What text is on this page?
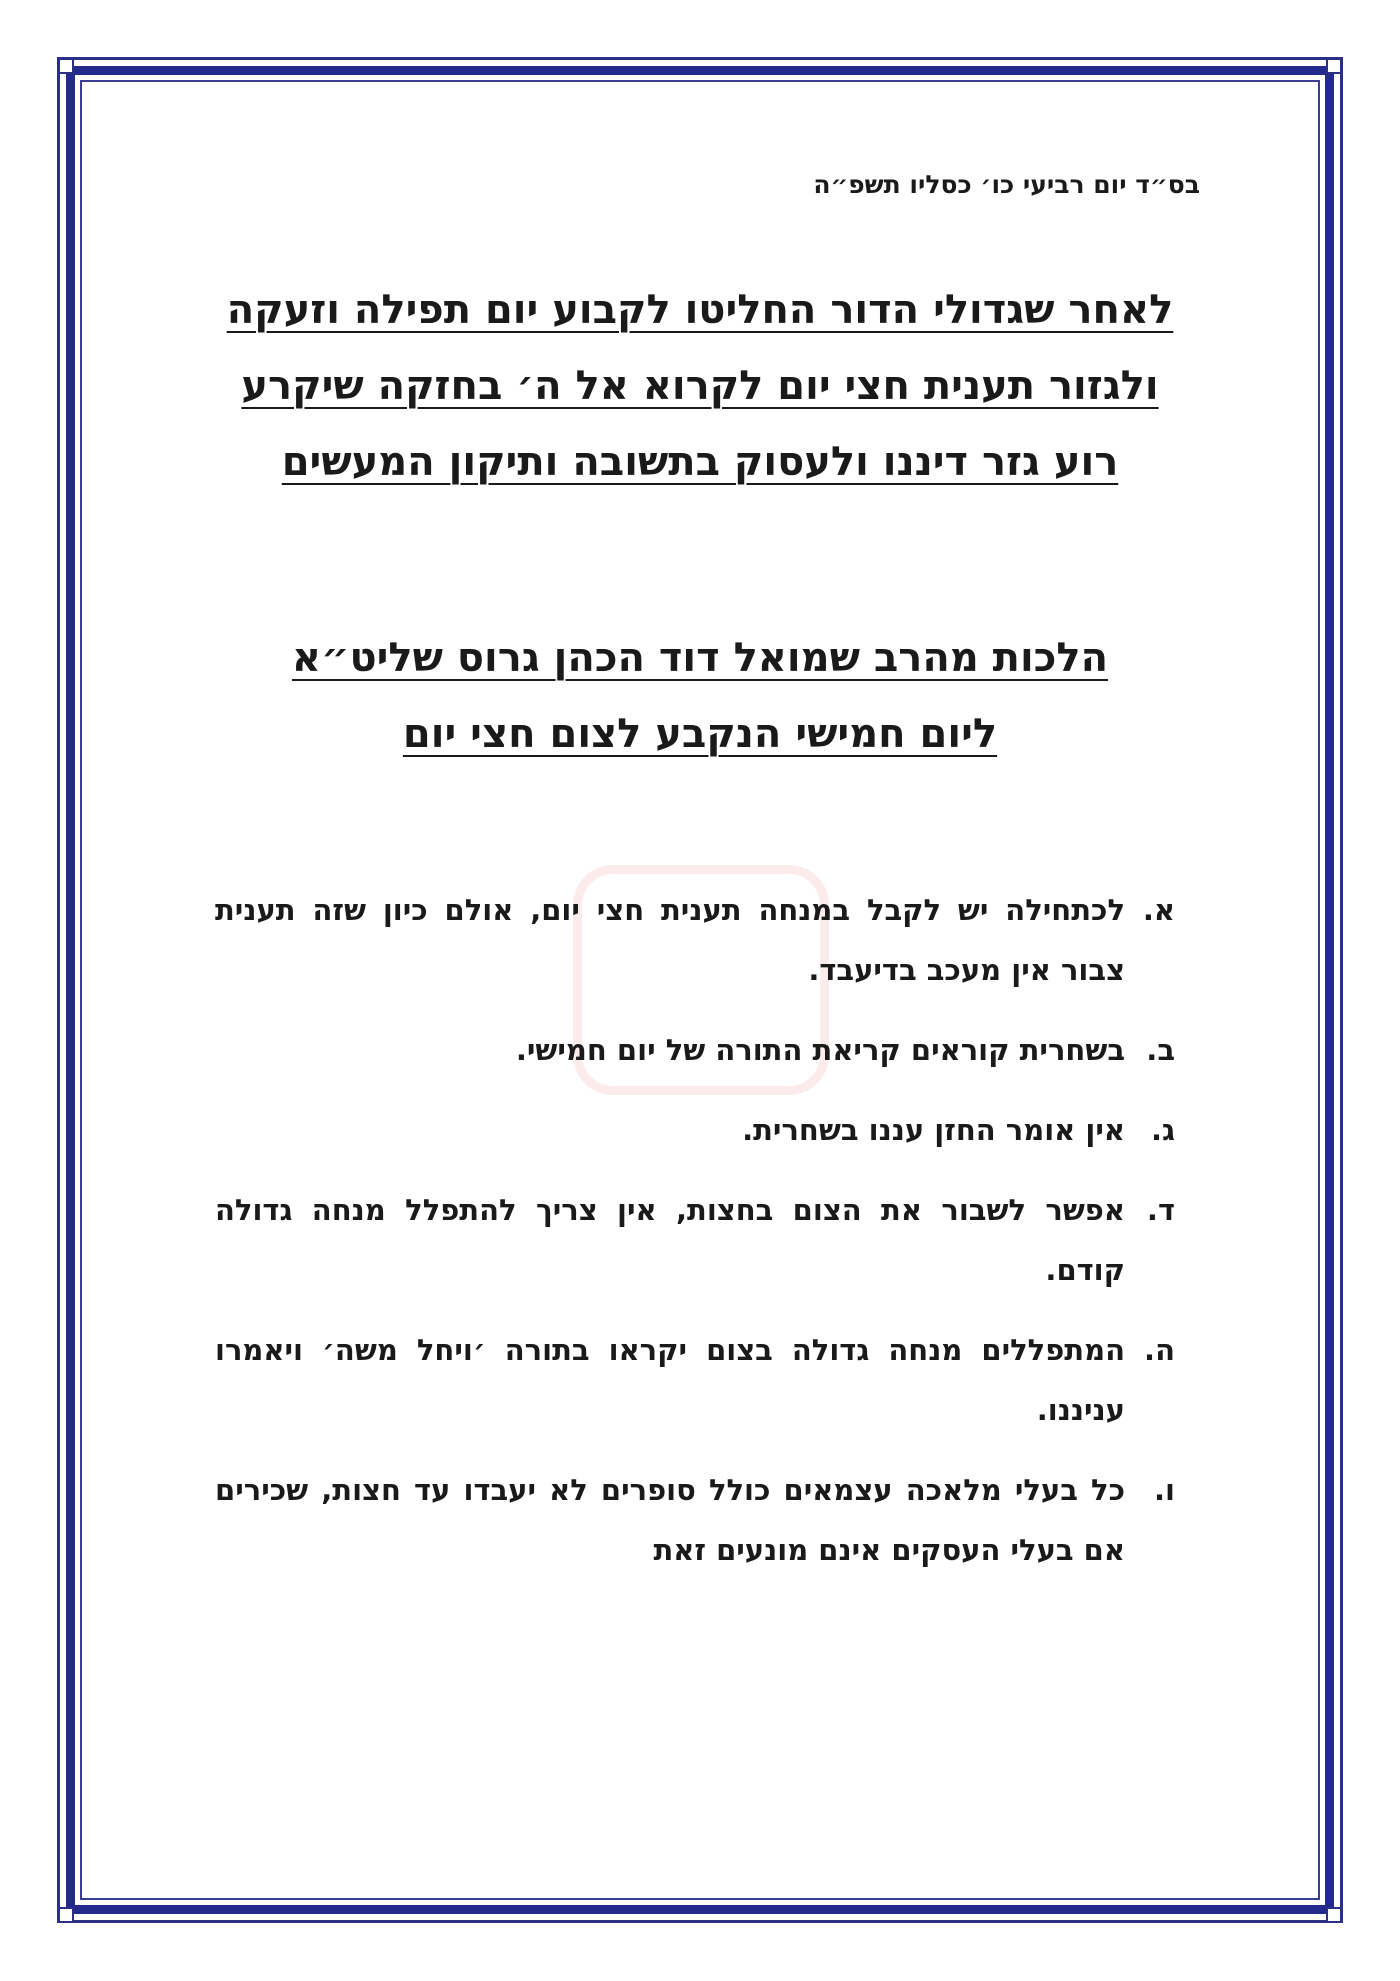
בס״ד יום רביעי כו׳ כסליו תשפ״ה
לאחר שגדולי הדור החליטו לקבוע יום תפילה וזעקה
ולגזור תענית חצי יום לקרוא אל ה׳ בחזקה שיקרע
רוע גזר דיננו ולעסוק בתשובה ותיקון המעשים
הלכות מהרב שמואל דוד הכהן גרוס שליט״א
ליום חמישי הנקבע לצום חצי יום
א.
לכתחילה יש לקבל במנחה תענית חצי יום, אולם כיון שזה תענית צבור אין מעכב בדיעבד.
ב.
בשחרית קוראים קריאת התורה של יום חמישי.
ג.
אין אומר החזן עננו בשחרית.
ד.
אפשר לשבור את הצום בחצות, אין צריך להתפלל מנחה גדולה קודם.
ה.
המתפללים מנחה גדולה בצום יקראו בתורה ׳ויחל משה׳ ויאמרו עניננו.
ו.
כל בעלי מלאכה עצמאים כולל סופרים לא יעבדו עד חצות, שכירים אם בעלי העסקים אינם מונעים זאת
